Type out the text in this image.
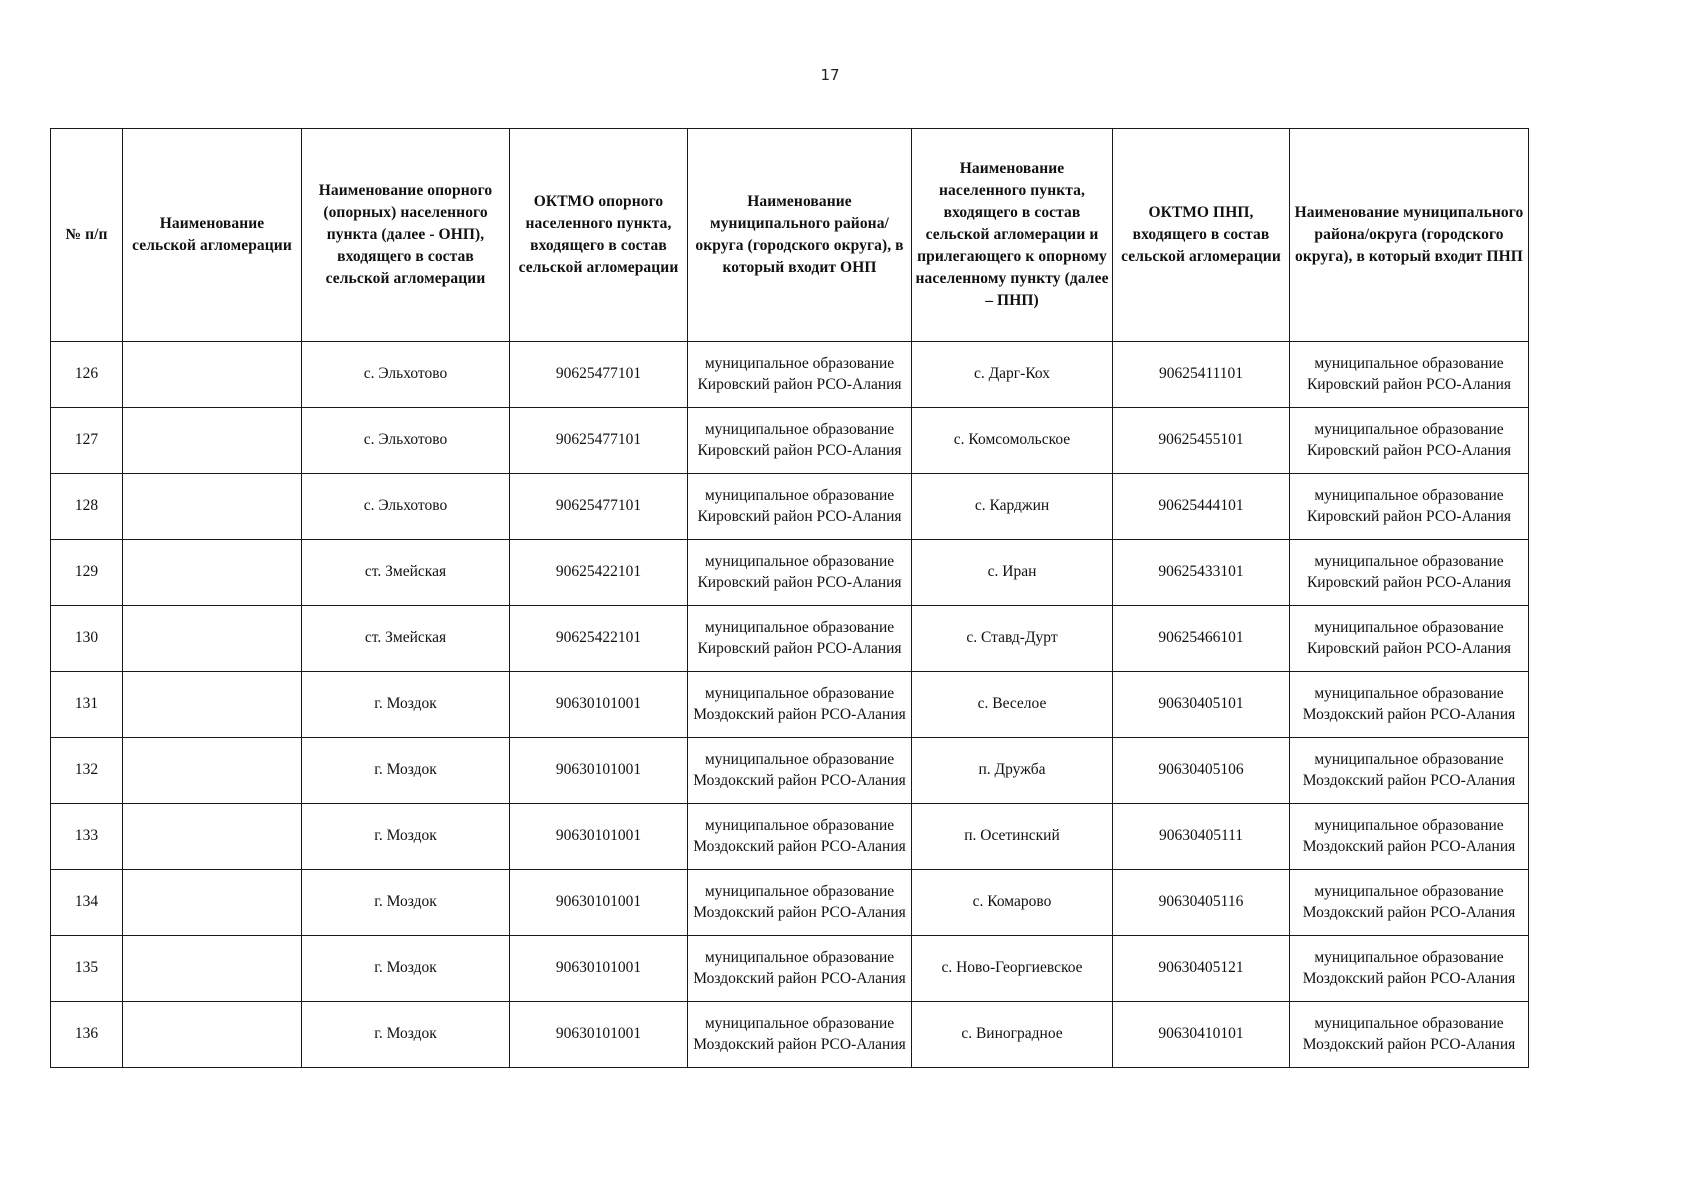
17
№ п/п	Наименование сельской агломерации	Наименование опорного (опорных) населенного пункта (далее - ОНП), входящего в состав сельской агломерации	ОКТМО опорного населенного пункта, входящего в состав сельской агломерации	Наименование муниципального района/округа (городского округа), в который входит ОНП	Наименование населенного пункта, входящего в состав сельской агломерации и прилегающего к опорному населенному пункту (далее – ПНП)	ОКТМО ПНП, входящего в состав сельской агломерации	Наименование муниципального района/округа (городского округа), в который входит ПНП
126		с. Эльхотово	90625477101	муниципальное образование Кировский район РСО-Алания	с. Дарг-Кох	90625411101	муниципальное образование Кировский район РСО-Алания
127		с. Эльхотово	90625477101	муниципальное образование Кировский район РСО-Алания	с. Комсомольское	90625455101	муниципальное образование Кировский район РСО-Алания
128		с. Эльхотово	90625477101	муниципальное образование Кировский район РСО-Алания	с. Карджин	90625444101	муниципальное образование Кировский район РСО-Алания
129		ст. Змейская	90625422101	муниципальное образование Кировский район РСО-Алания	с. Иран	90625433101	муниципальное образование Кировский район РСО-Алания
130		ст. Змейская	90625422101	муниципальное образование Кировский район РСО-Алания	с. Ставд-Дурт	90625466101	муниципальное образование Кировский район РСО-Алания
131		г. Моздок	90630101001	муниципальное образование Моздокский район РСО-Алания	с. Веселое	90630405101	муниципальное образование Моздокский район РСО-Алания
132		г. Моздок	90630101001	муниципальное образование Моздокский район РСО-Алания	п. Дружба	90630405106	муниципальное образование Моздокский район РСО-Алания
133		г. Моздок	90630101001	муниципальное образование Моздокский район РСО-Алания	п. Осетинский	90630405111	муниципальное образование Моздокский район РСО-Алания
134		г. Моздок	90630101001	муниципальное образование Моздокский район РСО-Алания	с. Комарово	90630405116	муниципальное образование Моздокский район РСО-Алания
135		г. Моздок	90630101001	муниципальное образование Моздокский район РСО-Алания	с. Ново-Георгиевское	90630405121	муниципальное образование Моздокский район РСО-Алания
136		г. Моздок	90630101001	муниципальное образование Моздокский район РСО-Алания	с. Виноградное	90630410101	муниципальное образование Моздокский район РСО-Алания
